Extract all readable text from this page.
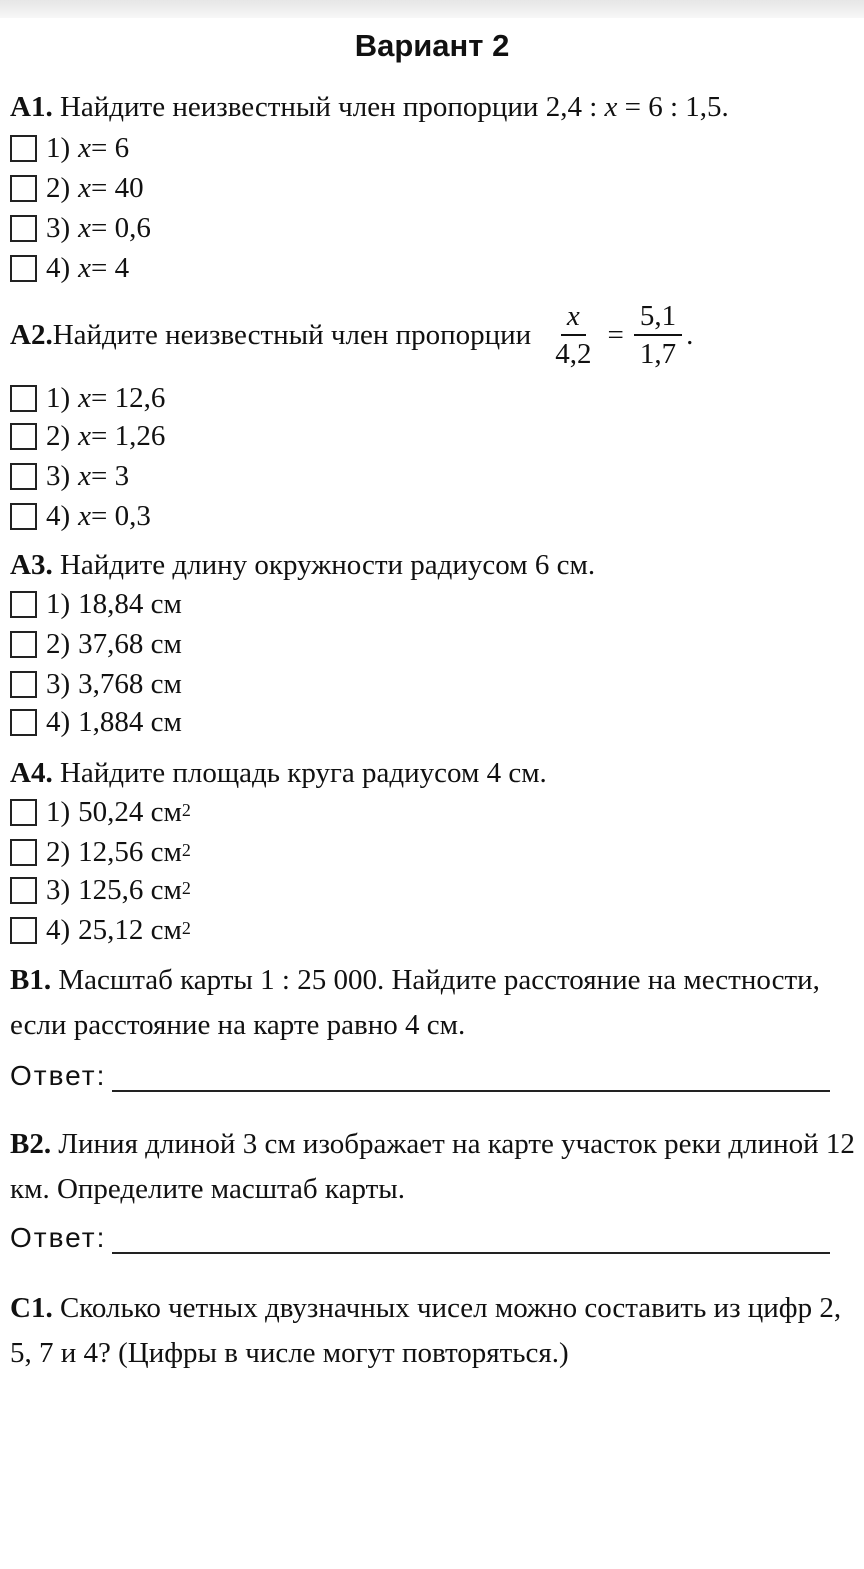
Вариант 2
А1. Найдите неизвестный член пропорции 2,4 : x = 6 : 1,5.
1) x = 6
2) x = 40
3) x = 0,6
4) x = 4
А2. Найдите неизвестный член пропорции $\frac{x}{4,2} = \frac{5,1}{1,7}$ .
1) x = 12,6
2) x = 1,26
3) x = 3
4) x = 0,3
А3. Найдите длину окружности радиусом 6 см.
1) 18,84 см
2) 37,68 см
3) 3,768 см
4) 1,884 см
А4. Найдите площадь круга радиусом 4 см.
1) 50,24 $см^2$
2) 12,56 $см^2$
3) 125,6 $см^2$
4) 25,12 $см^2$
В1. Масштаб карты 1 : 25 000. Найдите расстояние на местности, если расстояние на карте равно 4 см.
Ответ:
В2. Линия длиной 3 см изображает на карте участок реки длиной 12 км. Определите масштаб карты.
Ответ:
С1. Сколько четных двузначных чисел можно составить из цифр 2, 5, 7 и 4? (Цифры в числе могут повторяться.)
